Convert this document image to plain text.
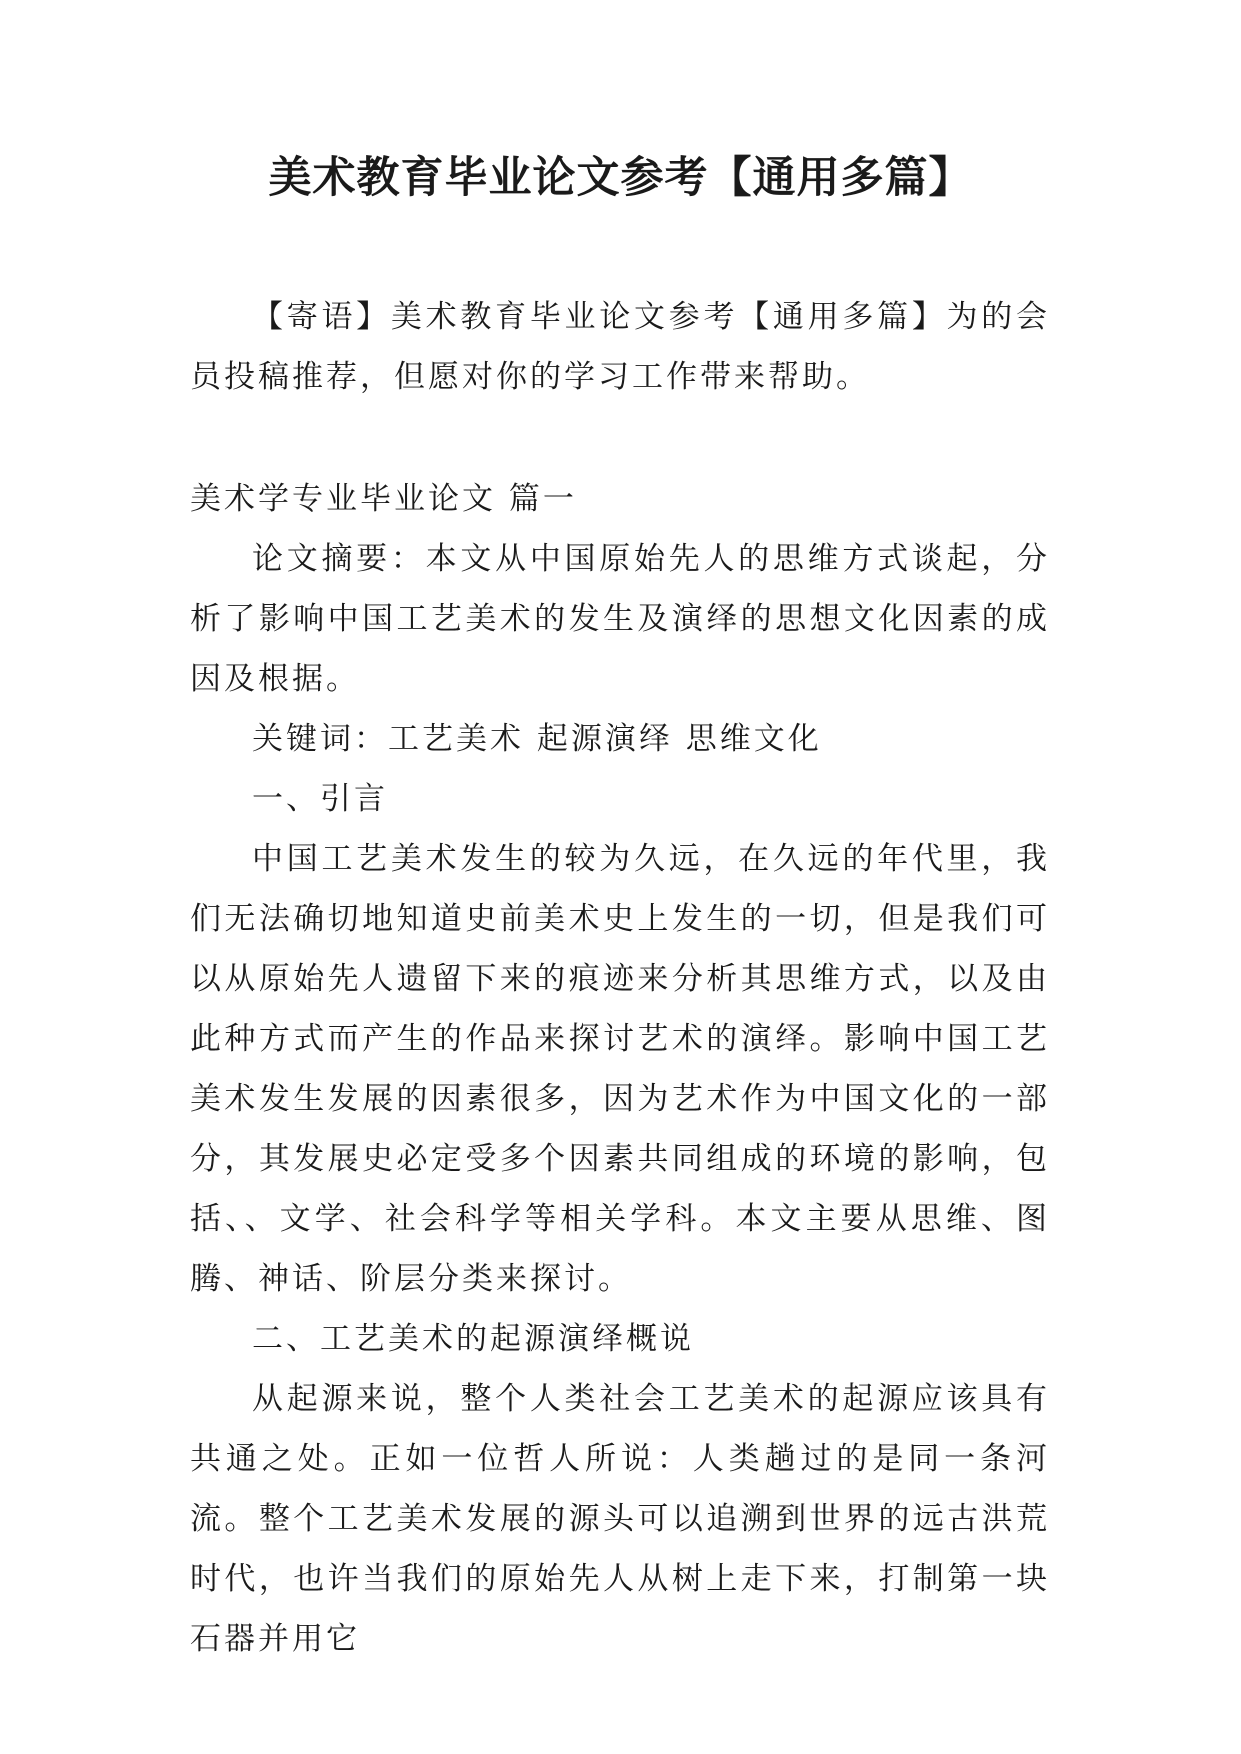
美术教育毕业论文参考【通用多篇】

【寄语】美术教育毕业论文参考【通用多篇】为的会员投稿推荐，但愿对你的学习工作带来帮助。

美术学专业毕业论文 篇一

论文摘要：本文从中国原始先人的思维方式谈起，分析了影响中国工艺美术的发生及演绎的思想文化因素的成因及根据。

关键词：工艺美术 起源演绎 思维文化

一、引言

中国工艺美术发生的较为久远，在久远的年代里，我们无法确切地知道史前美术史上发生的一切，但是我们可以从原始先人遗留下来的痕迹来分析其思维方式，以及由此种方式而产生的作品来探讨艺术的演绎。影响中国工艺美术发生发展的因素很多，因为艺术作为中国文化的一部分，其发展史必定受多个因素共同组成的环境的影响，包括、、文学、社会科学等相关学科。本文主要从思维、图腾、神话、阶层分类来探讨。

二、工艺美术的起源演绎概说

从起源来说，整个人类社会工艺美术的起源应该具有共通之处。正如一位哲人所说：人类趟过的是同一条河流。整个工艺美术发展的源头可以追溯到世界的远古洪荒时代，也许当我们的原始先人从树上走下来，打制第一块石器并用它
